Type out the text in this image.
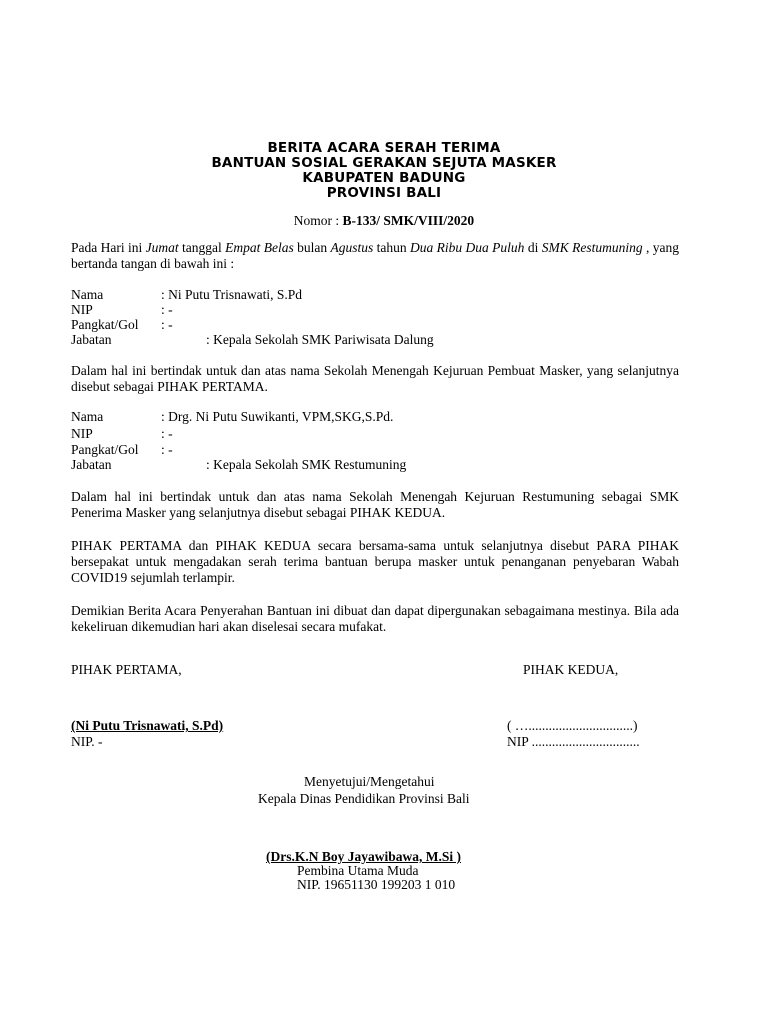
BERITA ACARA SERAH TERIMA
BANTUAN SOSIAL GERAKAN SEJUTA MASKER
KABUPATEN BADUNG
PROVINSI BALI
Nomor : B-133/ SMK/VIII/2020
Pada Hari ini Jumat tanggal Empat Belas bulan Agustus tahun Dua Ribu Dua Puluh di SMK Restumuning , yang bertanda tangan di bawah ini :
Nama	: Ni Putu Trisnawati, S.Pd
NIP	: -
Pangkat/Gol : -
Jabatan	: Kepala Sekolah SMK Pariwisata Dalung
Dalam hal ini bertindak untuk dan atas nama Sekolah Menengah Kejuruan Pembuat Masker, yang selanjutnya disebut sebagai PIHAK PERTAMA.
Nama	: Drg. Ni Putu Suwikanti, VPM,SKG,S.Pd.
NIP	: -
Pangkat/Gol : -
Jabatan	: Kepala Sekolah SMK Restumuning
Dalam hal ini bertindak untuk dan atas nama Sekolah Menengah Kejuruan Restumuning sebagai SMK Penerima Masker yang selanjutnya disebut sebagai PIHAK KEDUA.
PIHAK PERTAMA dan PIHAK KEDUA secara bersama-sama untuk selanjutnya disebut PARA PIHAK bersepakat untuk mengadakan serah terima bantuan berupa masker untuk penanganan penyebaran Wabah COVID19 sejumlah terlampir.
Demikian Berita Acara Penyerahan Bantuan ini dibuat dan dapat dipergunakan sebagaimana mestinya. Bila ada kekeliruan dikemudian hari akan diselesai secara mufakat.
PIHAK PERTAMA,	PIHAK KEDUA,
(Ni Putu Trisnawati, S.Pd)
NIP. -
( …...............................)
NIP ................................
Menyetujui/Mengetahui
Kepala Dinas Pendidikan Provinsi Bali
(Drs.K.N Boy Jayawibawa, M.Si )
Pembina Utama Muda
NIP. 19651130 199203 1 010
